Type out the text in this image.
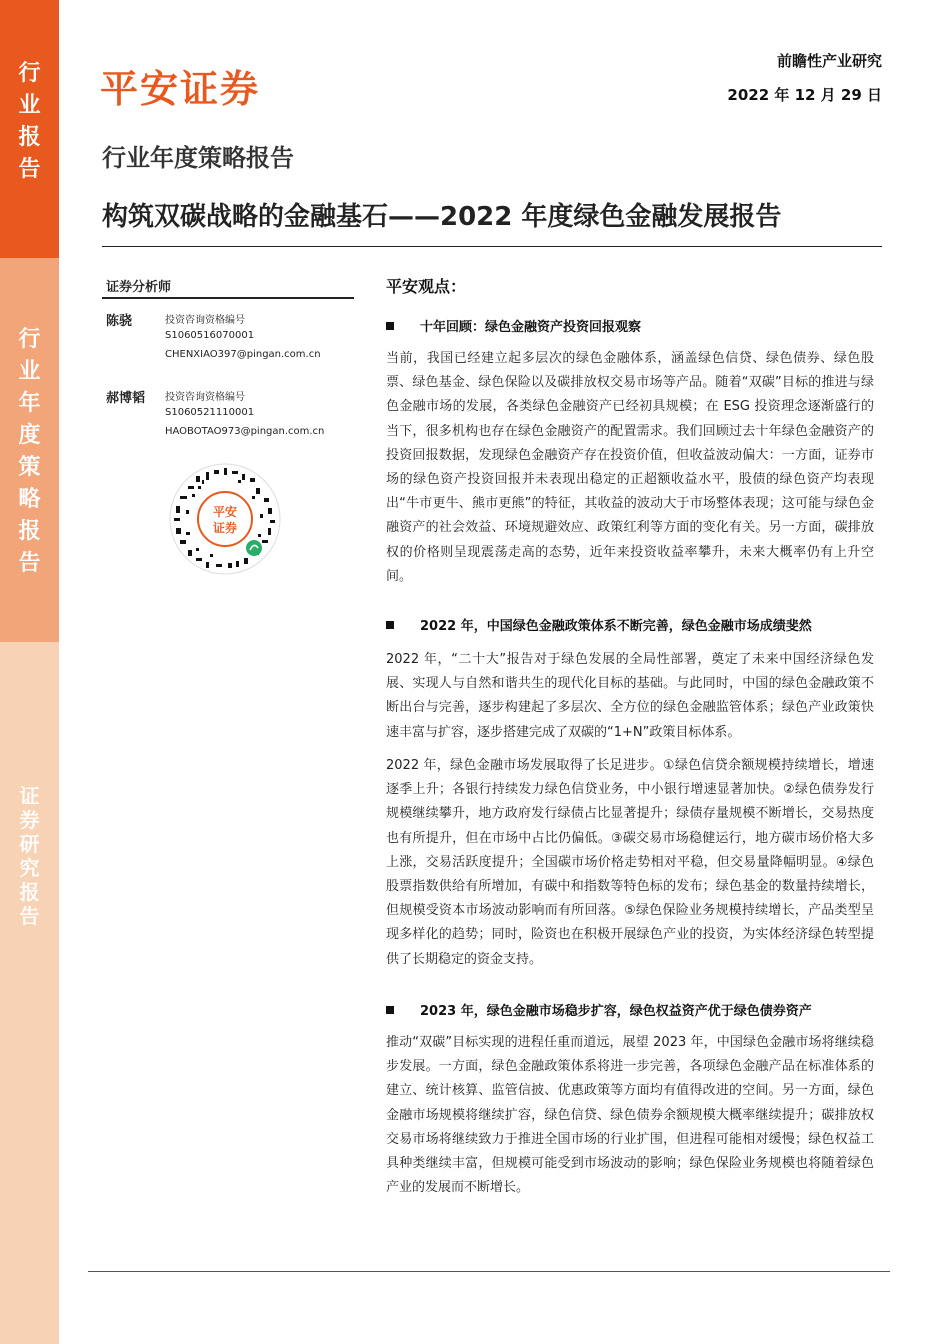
行
业
报
告
行
业
年
度
策
略
报
告
证
券
研
究
报
告
平安证券
前瞻性产业研究
2022 年 12 月 29 日
行业年度策略报告
构筑双碳战略的金融基石——2022 年度绿色金融发展报告
证券分析师
陈骁	投资咨询资格编号
S1060516070001
CHENXIAO397@pingan.com.cn
郝博韬 投资咨询资格编号
S1060521110001
HAOBOTAO973@pingan.com.cn
平安
证券
平安观点：
十年回顾：绿色金融资产投资回报观察

当前，我国已经建立起多层次的绿色金融体系，涵盖绿色信贷、绿色债券、绿色股票、绿色基金、绿色保险以及碳排放权交易市场等产品。随着“双碳”目标的推进与绿色金融市场的发展，各类绿色金融资产已经初具规模；在 ESG 投资理念逐渐盛行的当下，很多机构也存在绿色金融资产的配置需求。我们回顾过去十年绿色金融资产的投资回报数据，发现绿色金融资产存在投资价值，但收益波动偏大：一方面，证券市场的绿色资产投资回报并未表现出稳定的正超额收益水平，股债的绿色资产均表现出“牛市更牛、熊市更熊”的特征，其收益的波动大于市场整体表现；这可能与绿色金融资产的社会效益、环境规避效应、政策红利等方面的变化有关。另一方面，碳排放权的价格则呈现震荡走高的态势，近年来投资收益率攀升，未来大概率仍有上升空间。

2022 年，中国绿色金融政策体系不断完善，绿色金融市场成绩斐然

2022 年，“二十大”报告对于绿色发展的全局性部署，奠定了未来中国经济绿色发展、实现人与自然和谐共生的现代化目标的基础。与此同时，中国的绿色金融政策不断出台与完善，逐步构建起了多层次、全方位的绿色金融监管体系；绿色产业政策快速丰富与扩容，逐步搭建完成了双碳的“1+N”政策目标体系。

2022 年，绿色金融市场发展取得了长足进步。①绿色信贷余额规模持续增长，增速逐季上升；各银行持续发力绿色信贷业务，中小银行增速显著加快。②绿色债券发行规模继续攀升，地方政府发行绿债占比显著提升；绿债存量规模不断增长，交易热度也有所提升，但在市场中占比仍偏低。③碳交易市场稳健运行，地方碳市场价格大多上涨，交易活跃度提升；全国碳市场价格走势相对平稳，但交易量降幅明显。④绿色股票指数供给有所增加，有碳中和指数等特色标的发布；绿色基金的数量持续增长，但规模受资本市场波动影响而有所回落。⑤绿色保险业务规模持续增长，产品类型呈现多样化的趋势；同时，险资也在积极开展绿色产业的投资，为实体经济绿色转型提供了长期稳定的资金支持。

2023 年，绿色金融市场稳步扩容，绿色权益资产优于绿色债券资产

推动“双碳”目标实现的进程任重而道远，展望 2023 年，中国绿色金融市场将继续稳步发展。一方面，绿色金融政策体系将进一步完善，各项绿色金融产品在标准体系的建立、统计核算、监管信披、优惠政策等方面均有值得改进的空间。另一方面，绿色金融市场规模将继续扩容，绿色信贷、绿色债券余额规模大概率继续提升；碳排放权交易市场将继续致力于推进全国市场的行业扩围，但进程可能相对缓慢；绿色权益工具种类继续丰富，但规模可能受到市场波动的影响；绿色保险业务规模也将随着绿色产业的发展而不断增长。
